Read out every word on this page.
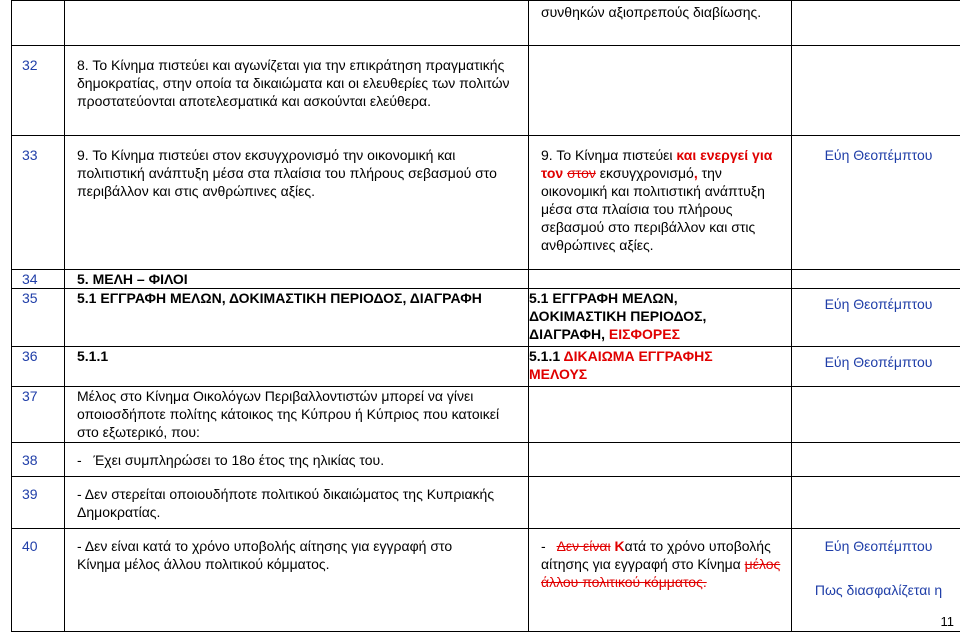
		συνθηκών αξιοπρεπούς διαβίωσης.	

32	8. Το Κίνημα πιστεύει και αγωνίζεται για την επικράτηση πραγματικής δημοκρατίας, στην οποία τα δικαιώματα και οι ελευθερίες των πολιτών προστατεύονται αποτελεσματικά και ασκούνται ελεύθερα.		

33	9. Το Κίνημα πιστεύει στον εκσυγχρονισμό την οικονομική και πολιτιστική ανάπτυξη μέσα στα πλαίσια του πλήρους σεβασμού στο περιβάλλον και στις ανθρώπινες αξίες.	9. Το Κίνημα πιστεύει και ενεργεί για τον στον εκσυγχρονισμό, την οικονομική και πολιτιστική ανάπτυξη μέσα στα πλαίσια του πλήρους σεβασμού στο περιβάλλον και στις ανθρώπινες αξίες.	Εύη Θεοπέμπτου

34	5. ΜΕΛΗ – ΦΙΛΟΙ		

35	5.1 ΕΓΓΡΑΦΗ ΜΕΛΩΝ, ΔΟΚΙΜΑΣΤΙΚΗ ΠΕΡΙΟΔΟΣ, ΔΙΑΓΡΑΦΗ	5.1 ΕΓΓΡΑΦΗ ΜΕΛΩΝ, ΔΟΚΙΜΑΣΤΙΚΗ ΠΕΡΙΟΔΟΣ, ΔΙΑΓΡΑΦΗ, ΕΙΣΦΟΡΕΣ	Εύη Θεοπέμπτου

36	5.1.1	5.1.1 ΔΙΚΑΙΩΜΑ ΕΓΓΡΑΦΗΣ ΜΕΛΟΥΣ	Εύη Θεοπέμπτου

37	Μέλος στο Κίνημα Οικολόγων Περιβαλλοντιστών μπορεί να γίνει οποιοσδήποτε πολίτης κάτοικος της Κύπρου ή Κύπριος που κατοικεί στο εξωτερικό, που:		

38	-   Έχει συμπληρώσει το 18ο έτος της ηλικίας του.		

39	- Δεν στερείται οποιουδήποτε πολιτικού δικαιώματος της Κυπριακής Δημοκρατίας.		

40	- Δεν είναι κατά το χρόνο υποβολής αίτησης για εγγραφή στο Κίνημα μέλος άλλου πολιτικού κόμματος.	-   Δεν είναι Κατά το χρόνο υποβολής αίτησης για εγγραφή στο Κίνημα μέλος άλλου πολιτικού κόμματος.	Εύη Θεοπέμπτου
Πως διασφαλίζεται η
11
